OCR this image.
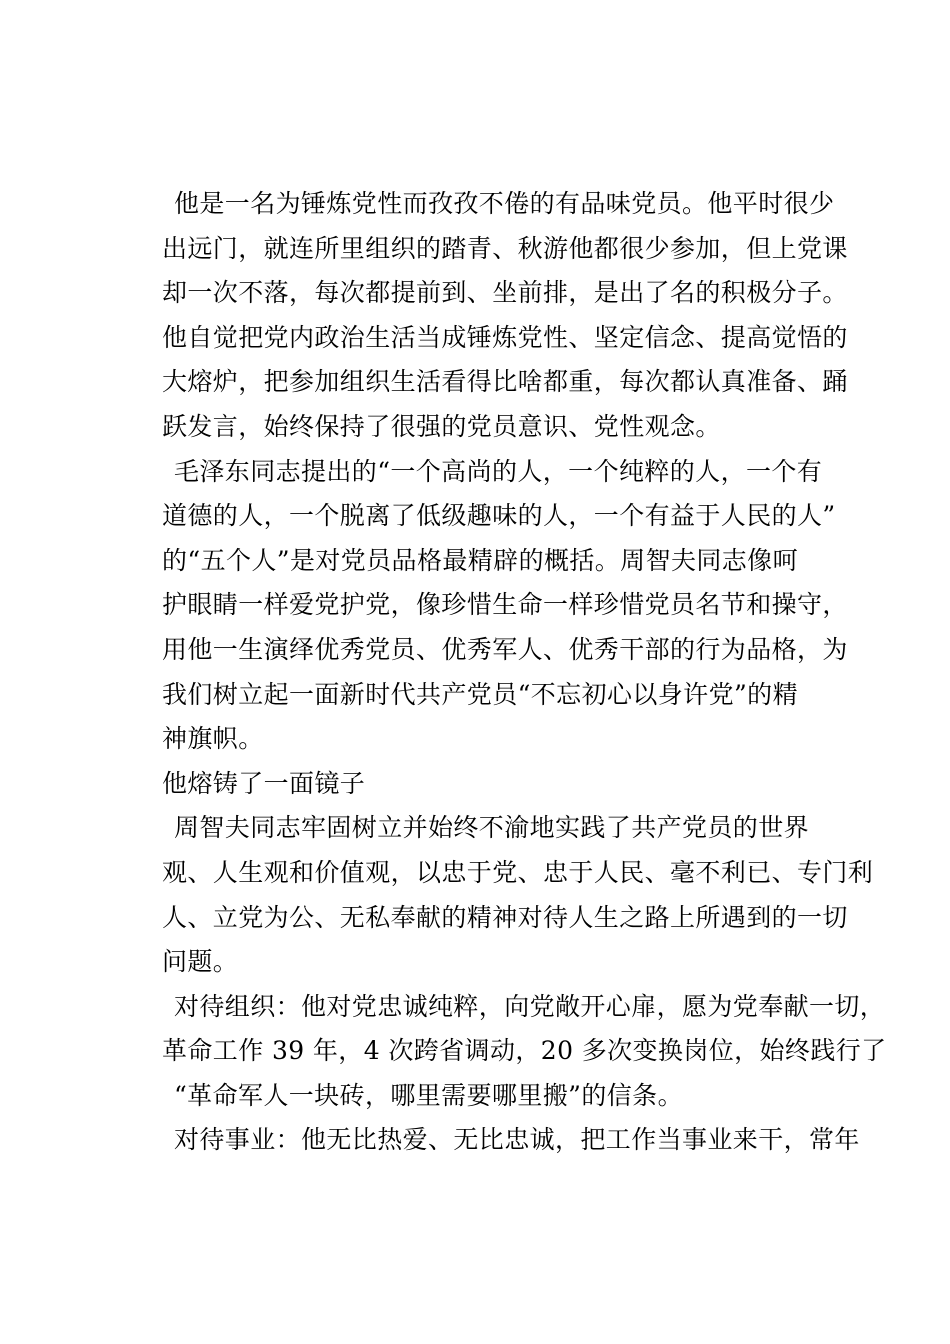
他是一名为锤炼党性而孜孜不倦的有品味党员。他平时很少
出远门，就连所里组织的踏青、秋游他都很少参加，但上党课
却一次不落，每次都提前到、坐前排，是出了名的积极分子。
他自觉把党内政治生活当成锤炼党性、坚定信念、提高觉悟的
大熔炉，把参加组织生活看得比啥都重，每次都认真准备、踊
跃发言，始终保持了很强的党员意识、党性观念。
毛泽东同志提出的“一个高尚的人，一个纯粹的人，一个有
道德的人，一个脱离了低级趣味的人，一个有益于人民的人”
的“五个人”是对党员品格最精辟的概括。周智夫同志像呵
护眼睛一样爱党护党，像珍惜生命一样珍惜党员名节和操守，
用他一生演绎优秀党员、优秀军人、优秀干部的行为品格，为
我们树立起一面新时代共产党员“不忘初心以身许党”的精
神旗帜。
他熔铸了一面镜子
周智夫同志牢固树立并始终不渝地实践了共产党员的世界
观、人生观和价值观，以忠于党、忠于人民、毫不利已、专门利
人、立党为公、无私奉献的精神对待人生之路上所遇到的一切
问题。
对待组织：他对党忠诚纯粹，向党敞开心扉，愿为党奉献一切，
革命工作 39 年，4 次跨省调动，20 多次变换岗位，始终践行了
“革命军人一块砖，哪里需要哪里搬”的信条。
对待事业：他无比热爱、无比忠诚，把工作当事业来干，常年
